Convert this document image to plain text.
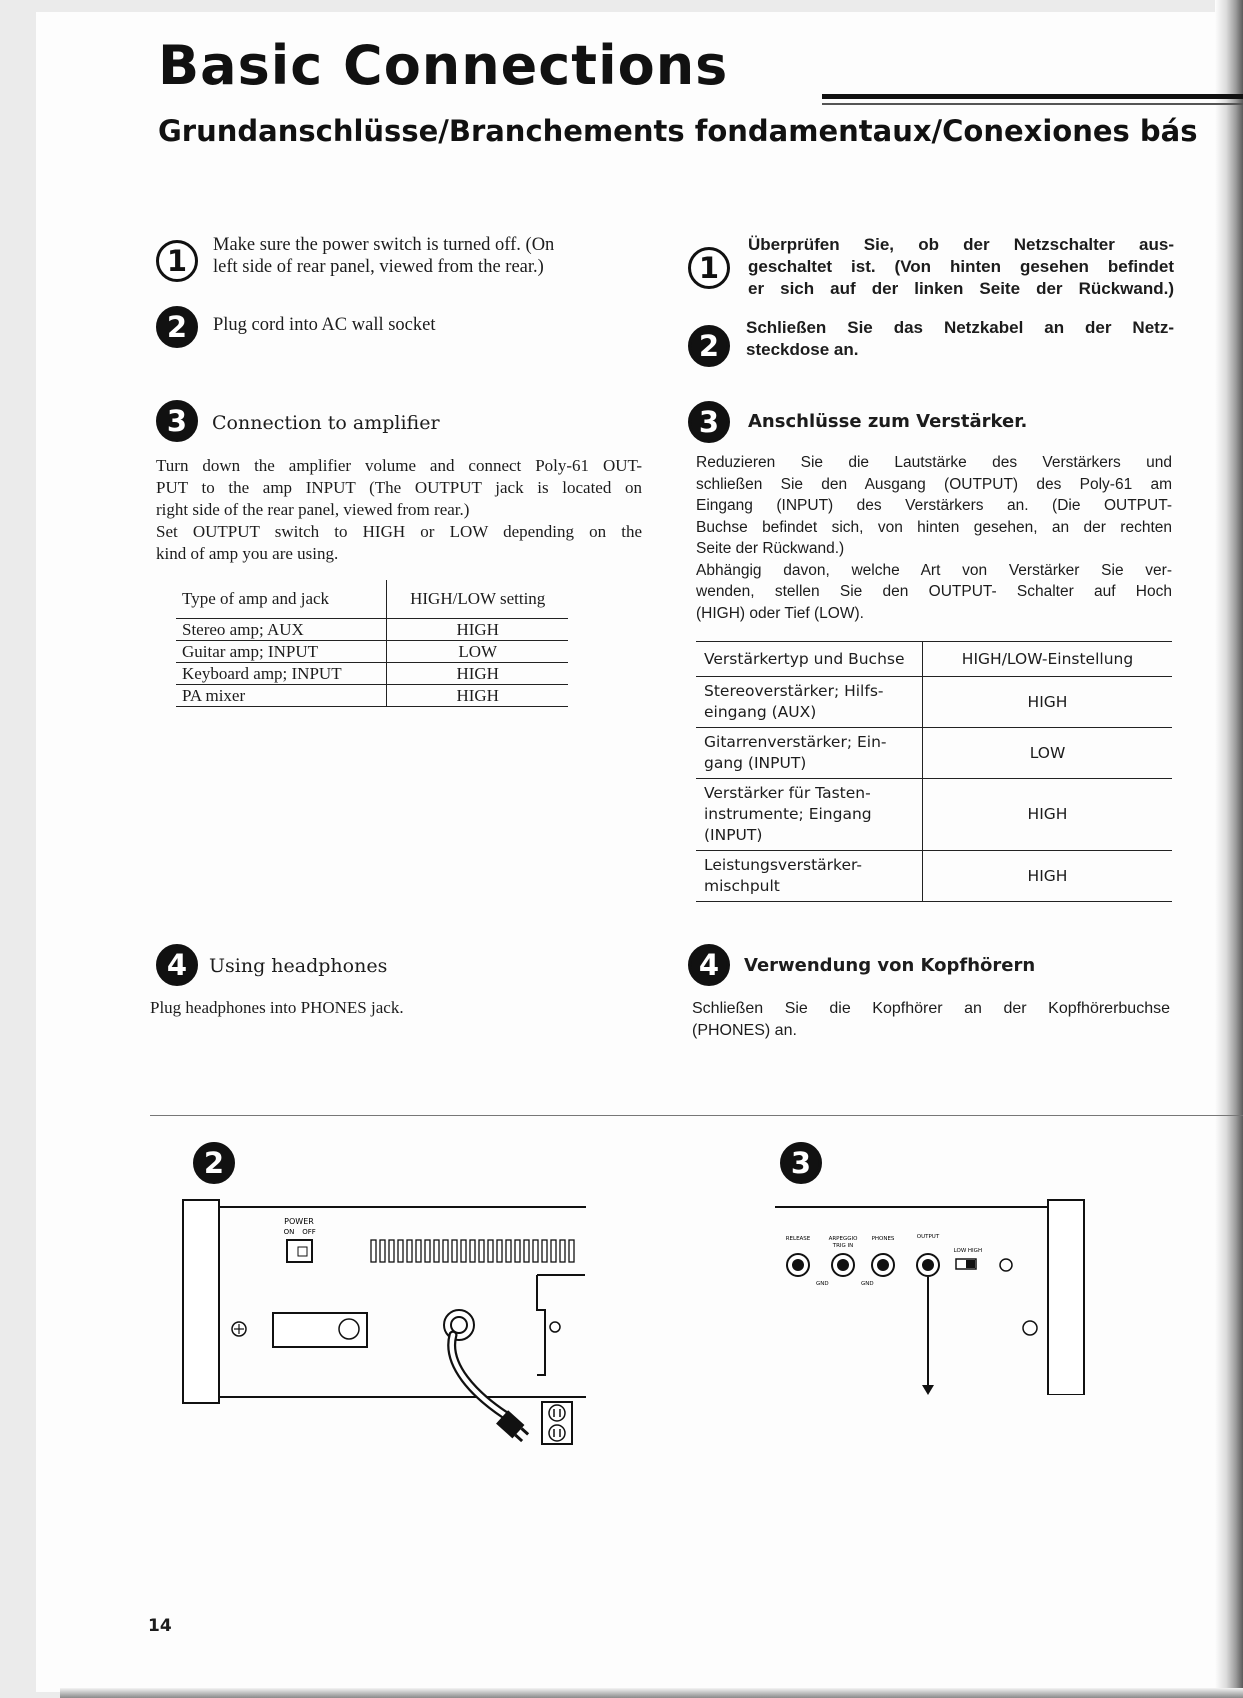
Basic Connections
Grundanschlüsse/Branchements fondamentaux/Conexiones bás
1	Make sure the power switch is turned off. (On
left side of rear panel, viewed from the rear.)
2	Plug cord into AC wall socket
3	Connection to amplifier
Turn down the amplifier volume and connect Poly-61 OUT-
PUT to the amp INPUT (The OUTPUT jack is located on
right side of the rear panel, viewed from rear.)
Set OUTPUT switch to HIGH or LOW depending on the
kind of amp you are using.
Type of amp and jack	HIGH/LOW setting
Stereo amp; AUX	HIGH
Guitar amp; INPUT	LOW
Keyboard amp; INPUT	HIGH
PA mixer	HIGH
4	Using headphones
Plug headphones into PHONES jack.
1
Überprüfen Sie, ob der Netzschalter aus-
geschaltet ist. (Von hinten gesehen befindet
er sich auf der linken Seite der Rückwand.)
2
Schließen Sie das Netzkabel an der Netz-
steckdose an.
3	Anschlüsse zum Verstärker.
Reduzieren Sie die Lautstärke des Verstärkers und
schließen Sie den Ausgang (OUTPUT) des Poly-61 am
Eingang (INPUT) des Verstärkers an. (Die OUTPUT-
Buchse befindet sich, von hinten gesehen, an der rechten
Seite der Rückwand.)
Abhängig davon, welche Art von Verstärker Sie ver-
wenden, stellen Sie den OUTPUT- Schalter auf Hoch
(HIGH) oder Tief (LOW).
Verstärkertyp und Buchse	HIGH/LOW-Einstellung

Stereoverstärker; Hilfs-
eingang (AUX)	HIGH

Gitarrenverstärker; Ein-
gang (INPUT)	LOW

Verstärker für Tasten-
instrumente; Eingang
(INPUT)	HIGH

Leistungsverstärker-
mischpult	HIGH
4	Verwendung von Kopfhörern
Schließen Sie die Kopfhörer an der Kopfhörerbuchse
(PHONES) an.
2	3
POWER
ON OFF
RELEASE	ARPEGGIO
TRIG IN
PHONES	OUTPUT
LOW HIGH
GND	GND
14
